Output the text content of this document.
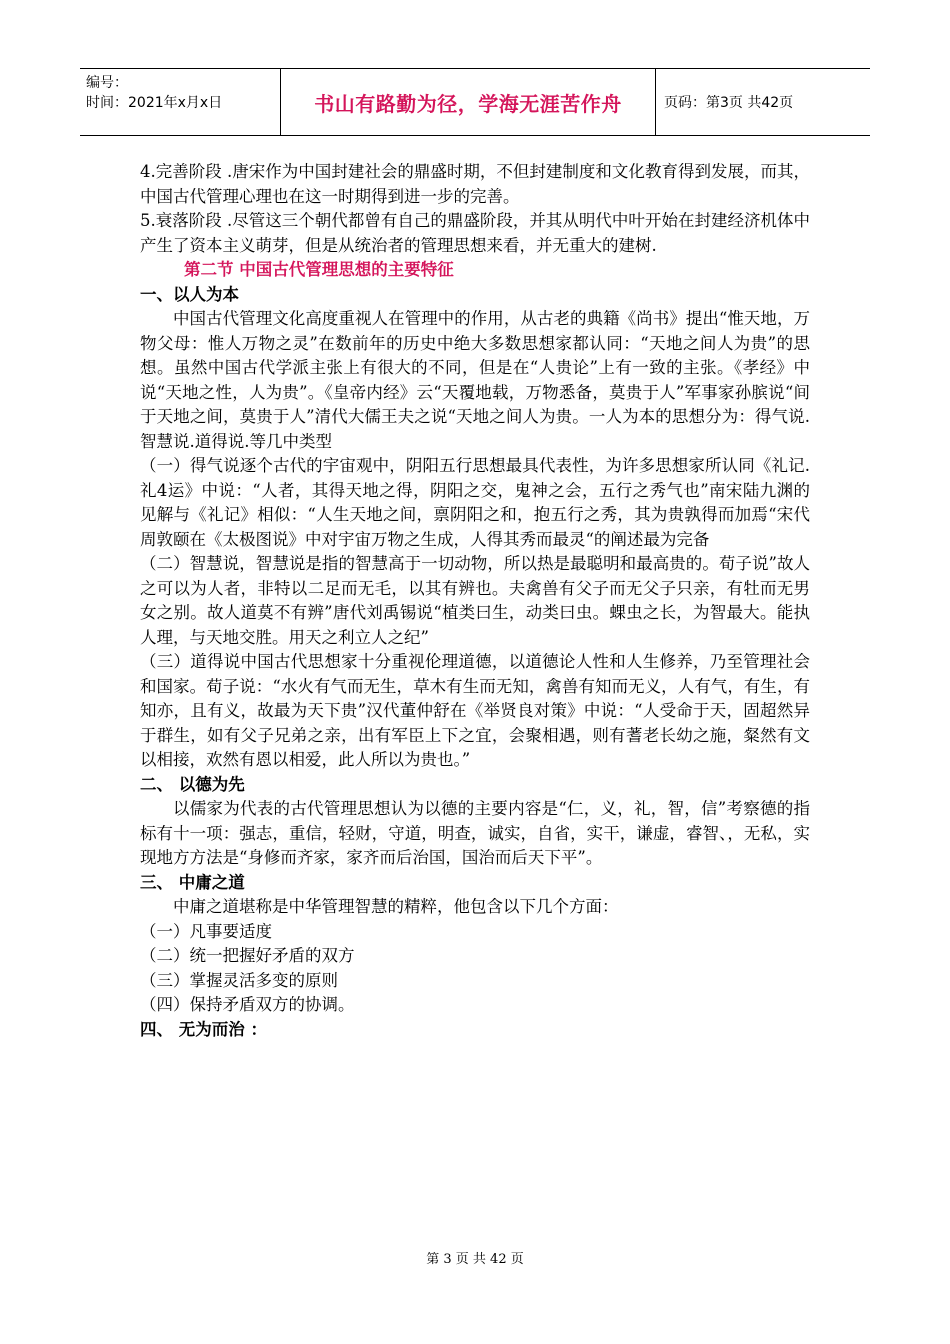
编号：
时间：2021年x月x日	书山有路勤为径，学海无涯苦作舟	页码：第3页 共42页

4.完善阶段 .唐宋作为中国封建社会的鼎盛时期，不但封建制度和文化教育得到发展，而其，中国古代管理心理也在这一时期得到进一步的完善。

5.衰落阶段 .尽管这三个朝代都曾有自己的鼎盛阶段，并其从明代中叶开始在封建经济机体中产生了资本主义萌芽，但是从统治者的管理思想来看，并无重大的建树.

第二节 中国古代管理思想的主要特征

一、以人为本

中国古代管理文化高度重视人在管理中的作用，从古老的典籍《尚书》提出“惟天地，万物父母：惟人万物之灵”在数前年的历史中绝大多数思想家都认同：“天地之间人为贵”的思想。虽然中国古代学派主张上有很大的不同，但是在“人贵论”上有一致的主张。《孝经》中说“天地之性，人为贵”。《皇帝内经》云“天覆地载，万物悉备，莫贵于人”军事家孙膑说“间于天地之间，莫贵于人”清代大儒王夫之说“天地之间人为贵。一人为本的思想分为：得气说.智慧说.道得说.等几中类型

（一）得气说逐个古代的宇宙观中，阴阳五行思想最具代表性，为许多思想家所认同《礼记.礼4运》中说：“人者，其得天地之得，阴阳之交，鬼神之会，五行之秀气也”南宋陆九渊的见解与《礼记》相似：“人生天地之间，禀阴阳之和，抱五行之秀，其为贵孰得而加焉“宋代周敦颐在《太极图说》中对宇宙万物之生成，人得其秀而最灵“的阐述最为完备

（二）智慧说，智慧说是指的智慧高于一切动物，所以热是最聪明和最高贵的。荀子说”故人之可以为人者，非特以二足而无毛，以其有辨也。夫禽兽有父子而无父子只亲，有牡而无男女之别。故人道莫不有辨”唐代刘禹锡说“植类曰生，动类曰虫。蜾虫之长，为智最大。能执人理，与天地交胜。用天之利立人之纪”

（三）道得说中国古代思想家十分重视伦理道德，以道德论人性和人生修养，乃至管理社会和国家。荀子说：“水火有气而无生，草木有生而无知，禽兽有知而无义，人有气，有生，有知亦，且有义，故最为天下贵”汉代董仲舒在《举贤良对策》中说：“人受命于天，固超然异于群生，如有父子兄弟之亲，出有军臣上下之宜，会聚相遇，则有蓍老长幼之施，粲然有文以相接，欢然有恩以相爱，此人所以为贵也。”

二、 以德为先

以儒家为代表的古代管理思想认为以德的主要内容是“仁，义，礼，智，信”考察德的指标有十一项：强志，重信，轻财，守道，明查，诚实，自省，实干，谦虚，睿智、，无私，实现地方方法是“身修而齐家，家齐而后治国，国治而后天下平”。

三、 中庸之道

中庸之道堪称是中华管理智慧的精粹，他包含以下几个方面：

（一）凡事要适度

（二）统一把握好矛盾的双方

（三）掌握灵活多变的原则

（四）保持矛盾双方的协调。

四、 无为而治 ：

第 3 页 共 42 页
